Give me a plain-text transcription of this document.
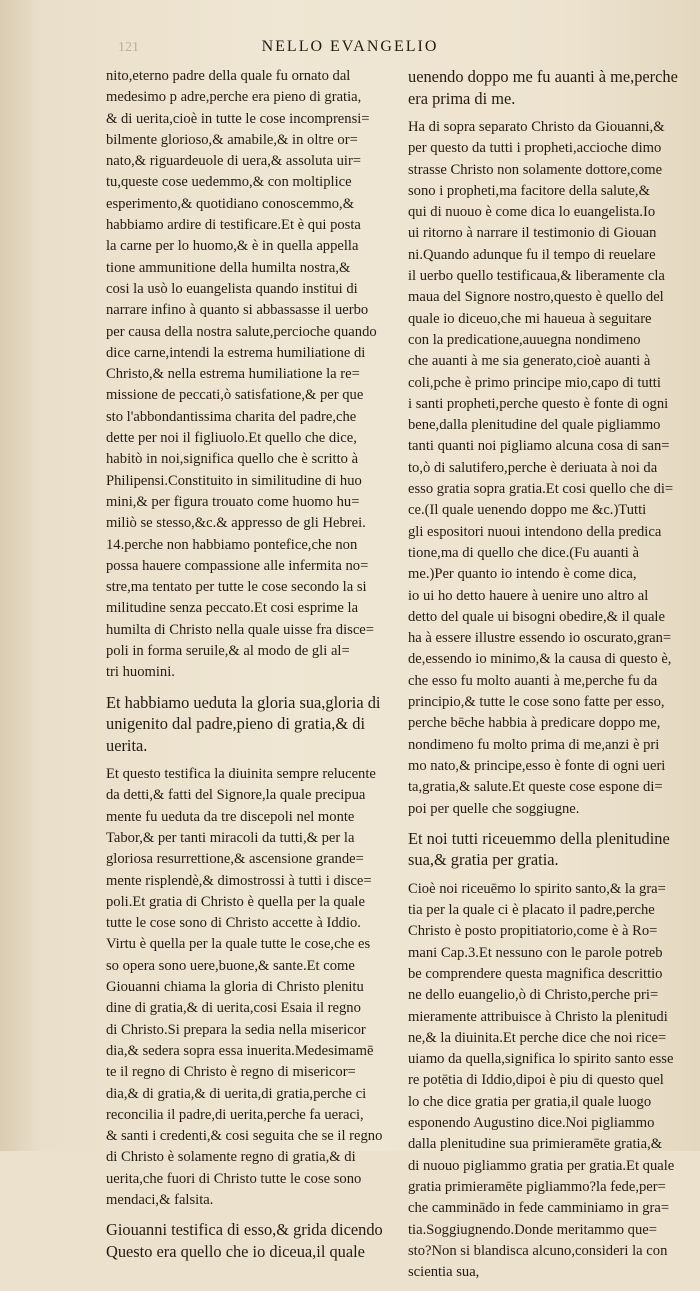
121	NELLO EVANGELIO

nito,eterno padre della quale fu ornato dal
medesimo p adre,perche era pieno di gratia,
& di uerita,cioè in tutte le cose incomprensi=
bilmente glorioso,& amabile,& in oltre or=
nato,& riguardeuole di uera,& assoluta uir=
tu,queste cose uedemmo,& con moltiplice
esperimento,& quotidiano conoscemmo,&
habbiamo ardire di testificare.Et è qui posta
la carne per lo huomo,& è in quella appella
tione ammunitione della humilta nostra,&
cosi la usò lo euangelista quando institui di
narrare infino à quanto si abbassasse il uerbo
per causa della nostra salute,percioche quando
dice carne,intendi la estrema humiliatione di
Christo,& nella estrema humiliatione la re=
missione de peccati,ò satisfatione,& per que
sto l'abbondantissima charita del padre,che
dette per noi il figliuolo.Et quello che dice,
habitò in noi,significa quello che è scritto à
Philipensi.Constituito in similitudine di huo
mini,& per figura trouato come huomo hu=
miliò se stesso,&c.& appresso de gli Hebrei.
14.perche non habbiamo pontefice,che non
possa hauere compassione alle infermita no=
stre,ma tentato per tutte le cose secondo la si
militudine senza peccato.Et cosi esprime la
humilta di Christo nella quale uisse fra disce=
poli in forma seruile,& al modo de gli al=
tri huomini.

Et habbiamo ueduta la gloria sua,gloria di
unigenito dal padre,pieno di gratia,& di
uerita.

Et questo testifica la diuinita sempre relucente
da detti,& fatti del Signore,la quale precipua
mente fu ueduta da tre discepoli nel monte
Tabor,& per tanti miracoli da tutti,& per la
gloriosa resurrettione,& ascensione grande=
mente risplendè,& dimostrossi à tutti i disce=
poli.Et gratia di Christo è quella per la quale
tutte le cose sono di Christo accette à Iddio.
Virtu è quella per la quale tutte le cose,che es
so opera sono uere,buone,& sante.Et come
Giouanni chiama la gloria di Christo plenitu
dine di gratia,& di uerita,cosi Esaia il regno
di Christo.Si prepara la sedia nella misericor
dia,& sedera sopra essa inuerita.Medesimamē
te il regno di Christo è regno di misericor=
dia,& di gratia,& di uerita,di gratia,perche ci
reconcilia il padre,di uerita,perche fa ueraci,
& santi i credenti,& cosi seguita che se il regno
di Christo è solamente regno di gratia,& di
uerita,che fuori di Christo tutte le cose sono
mendaci,& falsita.

Giouanni testifica di esso,& grida dicendo
Questo era quello che io diceua,il quale

uenendo doppo me fu auanti à me,perche
era prima di me.

Ha di sopra separato Christo da Giouanni,&
per questo da tutti i propheti,accioche dimo
strasse Christo non solamente dottore,come
sono i propheti,ma facitore della salute,&
qui di nuouo è come dica lo euangelista.Io
ui ritorno à narrare il testimonio di Giouan
ni.Quando adunque fu il tempo di reuelare
il uerbo quello testificaua,& liberamente cla
maua del Signore nostro,questo è quello del
quale io diceuo,che mi haueua à seguitare
con la predicatione,auuegna nondimeno
che auanti à me sia generato,cioè auanti à
coli,pche è primo principe mio,capo di tutti
i santi propheti,perche questo è fonte di ogni
bene,dalla plenitudine del quale pigliammo
tanti quanti noi pigliamo alcuna cosa di san=
to,ò di salutifero,perche è deriuata à noi da
esso gratia sopra gratia.Et cosi quello che di=
ce.(Il quale uenendo doppo me &c.)Tutti
gli espositori nuoui intendono della predica
tione,ma di quello che dice.(Fu auanti à
me.)Per quanto io intendo è come dica,
io ui ho detto hauere à uenire uno altro al
detto del quale ui bisogni obedire,& il quale
ha à essere illustre essendo io oscurato,gran=
de,essendo io minimo,& la causa di questo è,
che esso fu molto auanti à me,perche fu da
principio,& tutte le cose sono fatte per esso,
perche bēche habbia à predicare doppo me,
nondimeno fu molto prima di me,anzi è pri
mo nato,& principe,esso è fonte di ogni ueri
ta,gratia,& salute.Et queste cose espone di=
poi per quelle che soggiugne.

Et noi tutti riceuemmo della plenitudine
sua,& gratia per gratia.

Cioè noi riceuēmo lo spirito santo,& la gra=
tia per la quale ci è placato il padre,perche
Christo è posto propitiatorio,come è à Ro=
mani Cap.3.Et nessuno con le parole potreb
be comprendere questa magnifica descrittio
ne dello euangelio,ò di Christo,perche pri=
mieramente attribuisce à Christo la plenitudi
ne,& la diuinita.Et perche dice che noi rice=
uiamo da quella,significa lo spirito santo esse
re potētia di Iddio,dipoi è piu di questo quel
lo che dice gratia per gratia,il quale luogo
esponendo Augustino dice.Noi pigliammo
dalla plenitudine sua primieramēte gratia,&
di nuouo pigliammo gratia per gratia.Et quale
gratia primieramēte pigliammo?la fede,per=
che camminādo in fede camminiamo in gra=
tia.Soggiugnendo.Donde meritammo que=
sto?Non si blandisca alcuno,consideri la con
scientia sua,
